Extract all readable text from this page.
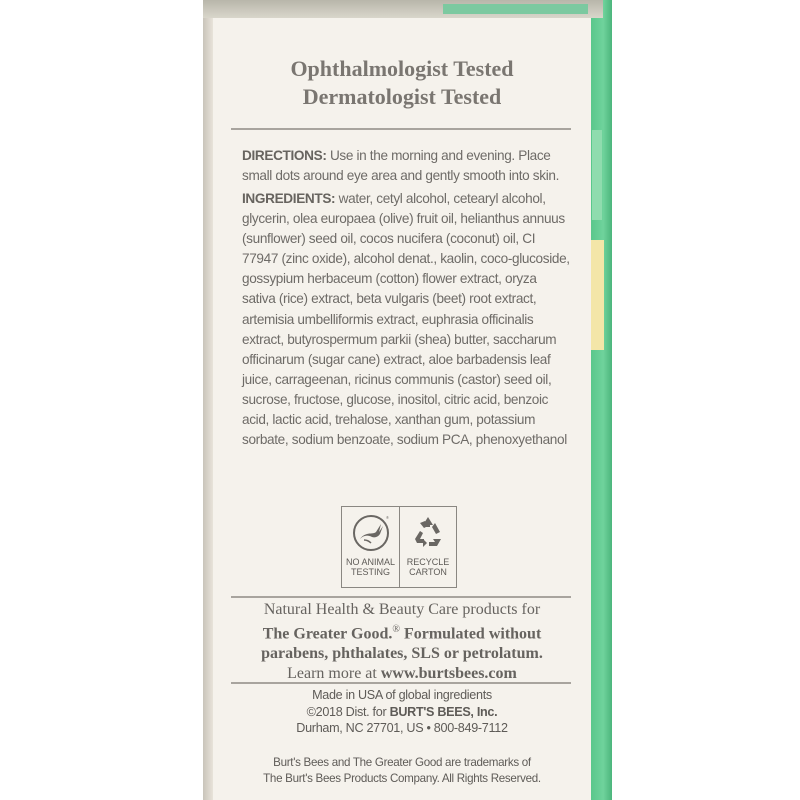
Ophthalmologist Tested
Dermatologist Tested
DIRECTIONS: Use in the morning and evening. Place small dots around eye area and gently smooth into skin.
INGREDIENTS: water, cetyl alcohol, cetearyl alcohol, glycerin, olea europaea (olive) fruit oil, helianthus annuus (sunflower) seed oil, cocos nucifera (coconut) oil, CI 77947 (zinc oxide), alcohol denat., kaolin, coco-glucoside, gossypium herbaceum (cotton) flower extract, oryza sativa (rice) extract, beta vulgaris (beet) root extract, artemisia umbelliformis extract, euphrasia officinalis extract, butyrospermum parkii (shea) butter, saccharum officinarum (sugar cane) extract, aloe barbadensis leaf juice, carrageenan, ricinus communis (castor) seed oil, sucrose, fructose, glucose, inositol, citric acid, benzoic acid, lactic acid, trehalose, xanthan gum, potassium sorbate, sodium benzoate, sodium PCA, phenoxyethanol
®
NO ANIMAL
TESTING
RECYCLE
CARTON
Natural Health & Beauty Care products for
The Greater Good.® Formulated without
parabens, phthalates, SLS or petrolatum.
Learn more at www.burtsbees.com
Made in USA of global ingredients
©2018 Dist. for BURT'S BEES, Inc.
Durham, NC 27701, US • 800-849-7112
Burt's Bees and The Greater Good are trademarks of
The Burt's Bees Products Company. All Rights Reserved.
